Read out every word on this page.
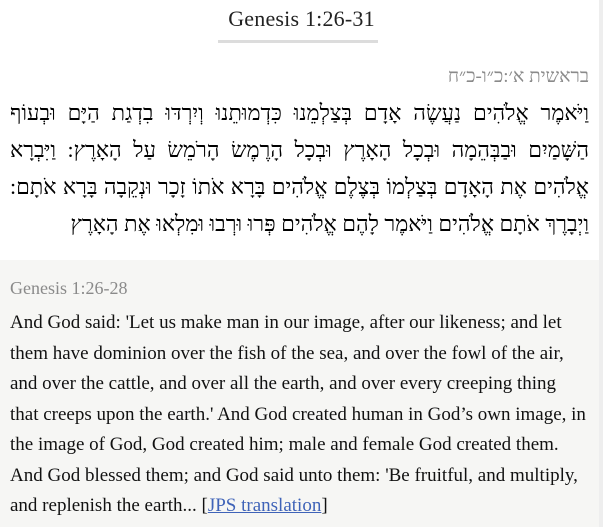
Genesis 1:26-31
בראשית א׳:כ״ו-כ״ח
וַיֹּאמֶר אֱלֹהִים נַעֲשֶׂה אָדָם בְּצַלְמֵנוּ כִּדְמוּתֵנוּ וְיִרְדּוּ בִדְגַת הַיָּם וּבְעוֹף הַשָּׁמַיִם וּבַבְּהֵמָה וּבְכָל הָאָרֶץ וּבְכָל הָרֶמֶשׂ הָרֹמֵשׂ עַל הָאָרֶץ: וַיִּבְרָא אֱלֹהִים אֶת הָאָדָם בְּצַלְמוֹ בְּצֶלֶם אֱלֹהִים בָּרָא אֹתוֹ זָכָר וּנְקֵבָה בָּרָא אֹתָם: וַיְבָרֶךְ אֹתָם אֱלֹהִים וַיֹּאמֶר לָהֶם אֱלֹהִים פְּרוּ וּרְבוּ וּמִלְאוּ אֶת הָאָרֶץ
Genesis 1:26-28
And God said: 'Let us make man in our image, after our likeness; and let them have dominion over the fish of the sea, and over the fowl of the air, and over the cattle, and over all the earth, and over every creeping thing that creeps upon the earth.' And God created human in God’s own image, in the image of God, God created him; male and female God created them. And God blessed them; and God said unto them: 'Be fruitful, and multiply, and replenish the earth... [JPS translation]
